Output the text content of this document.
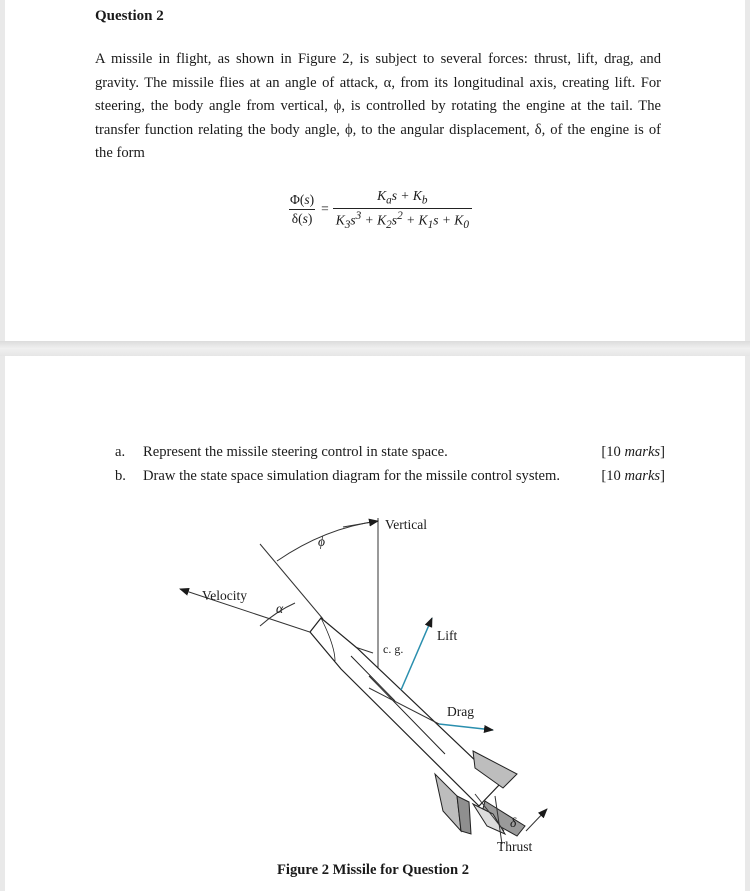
Question 2
A missile in flight, as shown in Figure 2, is subject to several forces: thrust, lift, drag, and gravity. The missile flies at an angle of attack, α, from its longitudinal axis, creating lift. For steering, the body angle from vertical, ϕ, is controlled by rotating the engine at the tail. The transfer function relating the body angle, ϕ, to the angular displacement, δ, of the engine is of the form
$\frac{\Phi(s)}{\delta(s)} = \frac{K_as + K_b}{K_3s^3 + K_2s^2 + K_1s + K_0}$
a.	Represent the missile steering control in state space.	[10 marks]
b.	Draw the state space simulation diagram for the missile control system.	[10 marks]
Vertical
Velocity
Lift
c. g.
Drag
Thrust
ϕ
α
δ
Figure 2 Missile for Question 2
